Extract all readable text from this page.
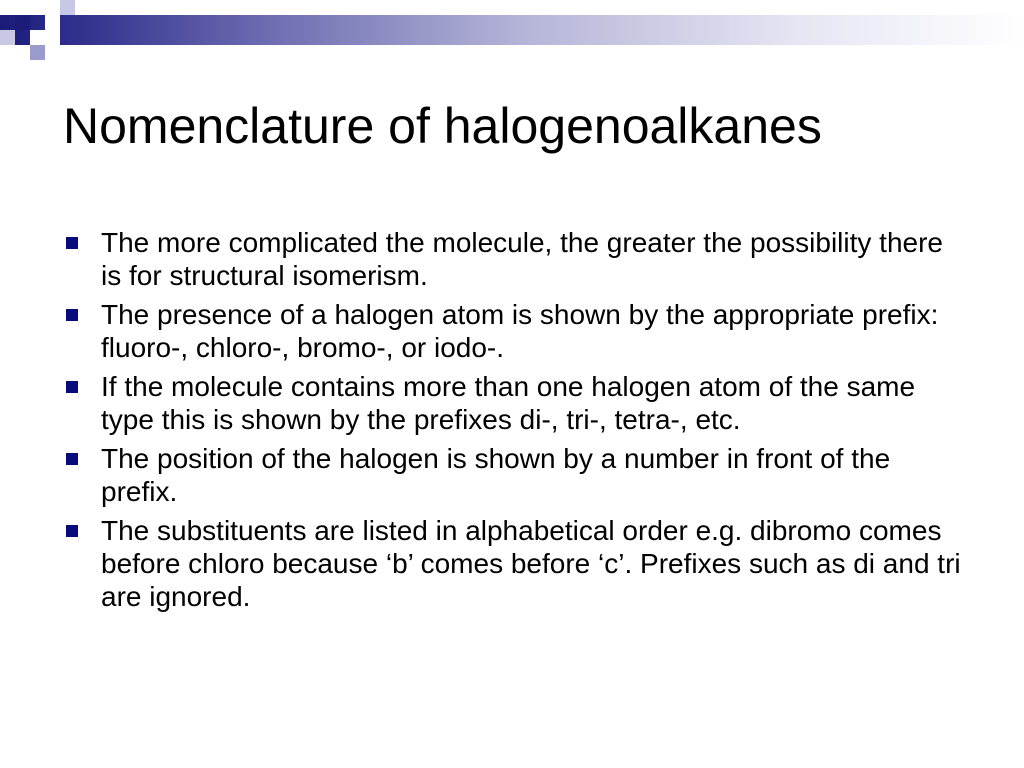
Nomenclature of halogenoalkanes
The more complicated the molecule, the greater the possibility there is for structural isomerism.
The presence of a halogen atom is shown by the appropriate prefix: fluoro-, chloro-, bromo-, or iodo-.
If the molecule contains more than one halogen atom of the same type this is shown by the prefixes di-, tri-, tetra-, etc.
The position of the halogen is shown by a number in front of the prefix.
The substituents are listed in alphabetical order e.g. dibromo comes before chloro because ‘b’ comes before ‘c’. Prefixes such as di and tri are ignored.
